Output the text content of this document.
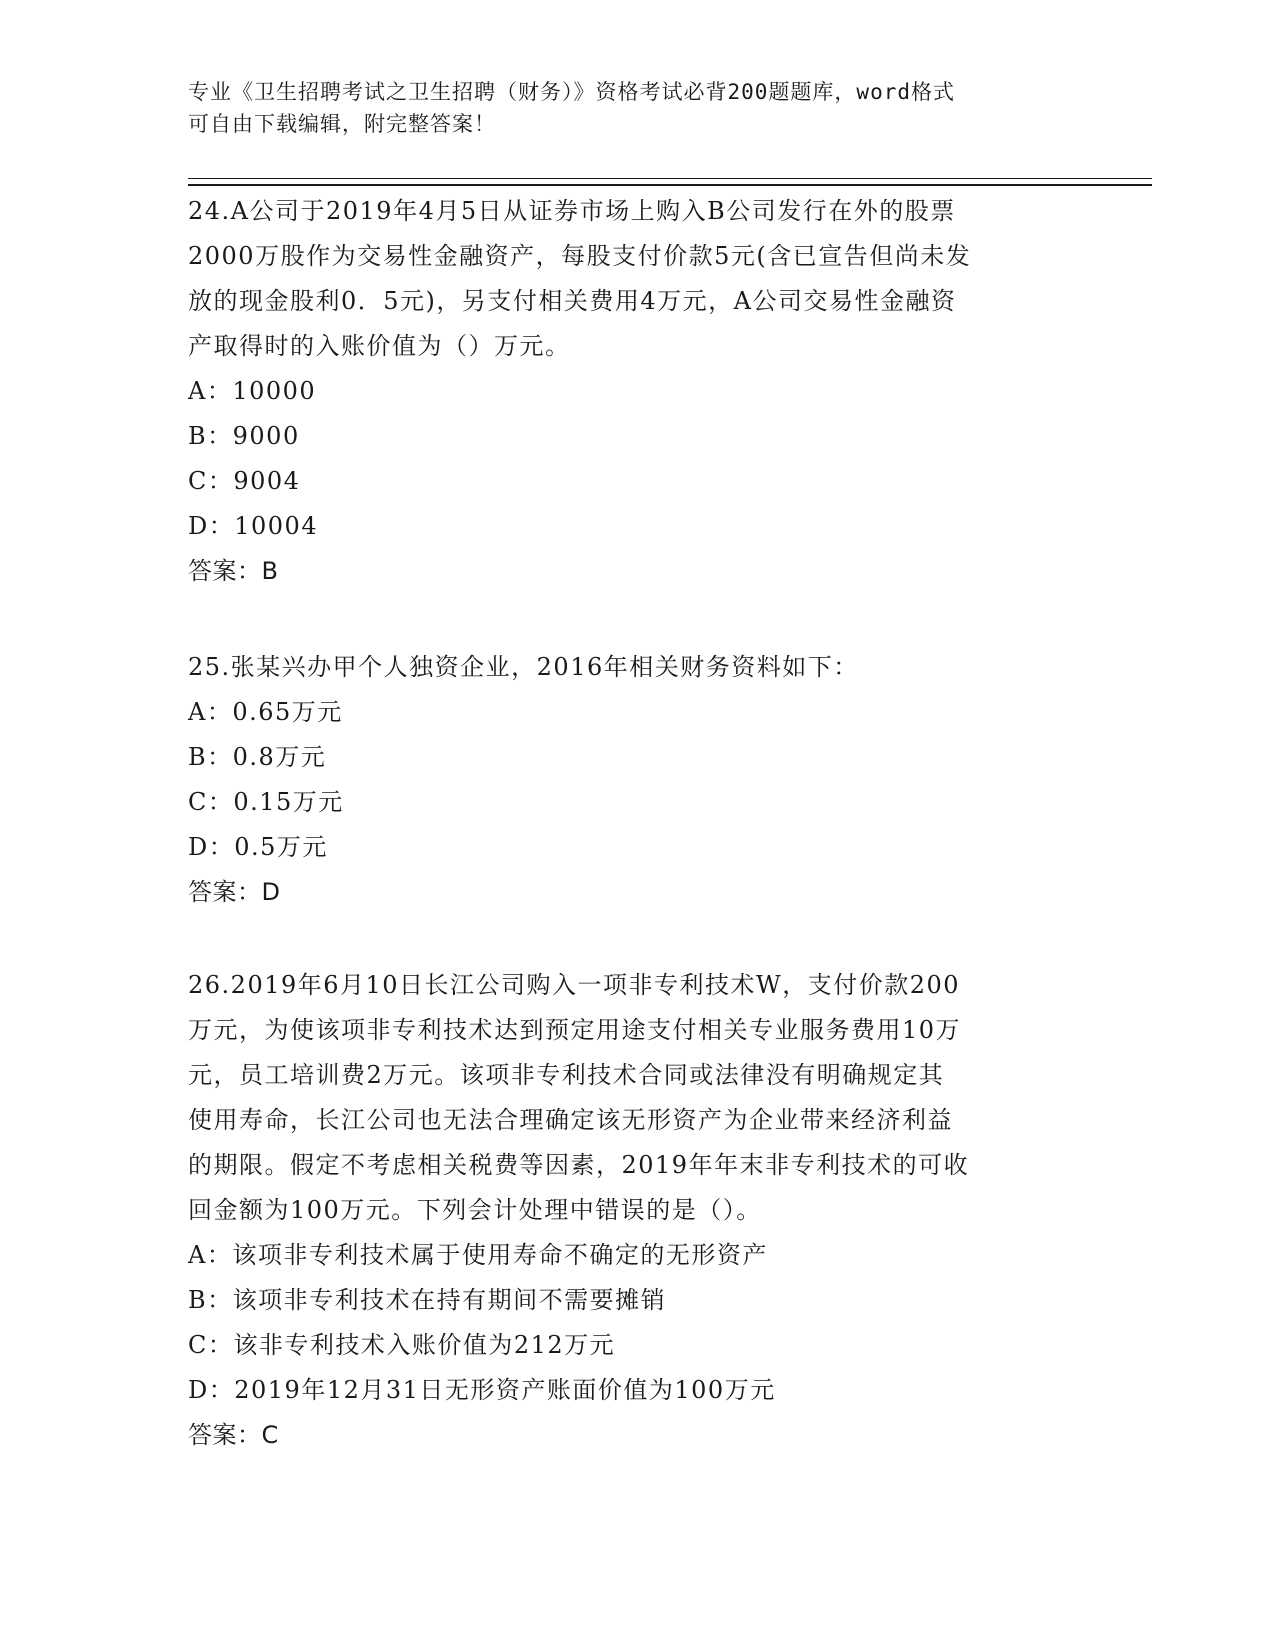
专业《卫生招聘考试之卫生招聘（财务）》资格考试必背200题题库，word格式
可自由下载编辑，附完整答案！
24.A公司于2019年4月5日从证券市场上购入B公司发行在外的股票
2000万股作为交易性金融资产，每股支付价款5元(含已宣告但尚未发
放的现金股利0．5元)，另支付相关费用4万元，A公司交易性金融资
产取得时的入账价值为（）万元。
A：10000
B：9000
C：9004
D：10004
答案：B
25.张某兴办甲个人独资企业，2016年相关财务资料如下：
A：0.65万元
B：0.8万元
C：0.15万元
D：0.5万元
答案：D
26.2019年6月10日长江公司购入一项非专利技术W，支付价款200
万元，为使该项非专利技术达到预定用途支付相关专业服务费用10万
元，员工培训费2万元。该项非专利技术合同或法律没有明确规定其
使用寿命，长江公司也无法合理确定该无形资产为企业带来经济利益
的期限。假定不考虑相关税费等因素，2019年年末非专利技术的可收
回金额为100万元。下列会计处理中错误的是（）。
A：该项非专利技术属于使用寿命不确定的无形资产
B：该项非专利技术在持有期间不需要摊销
C：该非专利技术入账价值为212万元
D：2019年12月31日无形资产账面价值为100万元
答案：C
